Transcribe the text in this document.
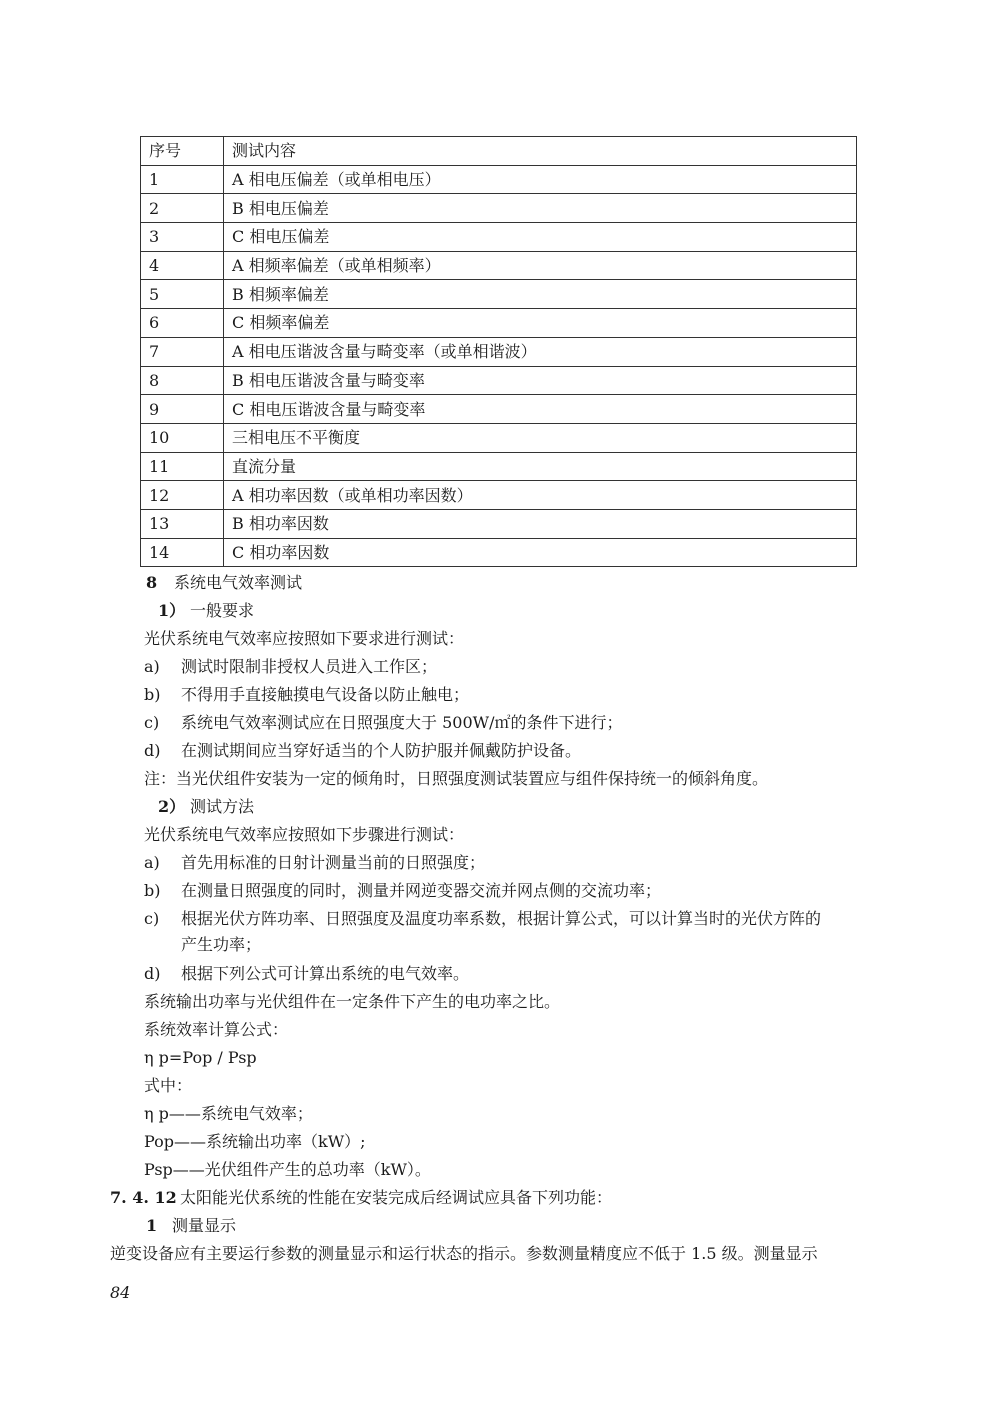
序号	测试内容
1	A 相电压偏差（或单相电压）
2	B 相电压偏差
3	C 相电压偏差
4	A 相频率偏差（或单相频率）
5	B 相频率偏差
6	C 相频率偏差
7	A 相电压谐波含量与畸变率（或单相谐波）
8	B 相电压谐波含量与畸变率
9	C 相电压谐波含量与畸变率
10	三相电压不平衡度
11	直流分量
12	A 相功率因数（或单相功率因数）
13	B 相功率因数
14	C 相功率因数
8 系统电气效率测试
1） 一般要求
光伏系统电气效率应按照如下要求进行测试：
a) 测试时限制非授权人员进入工作区；
b) 不得用手直接触摸电气设备以防止触电；
c) 系统电气效率测试应在日照强度大于 500W/㎡的条件下进行；
d) 在测试期间应当穿好适当的个人防护服并佩戴防护设备。
注：当光伏组件安装为一定的倾角时，日照强度测试装置应与组件保持统一的倾斜角度。
2） 测试方法
光伏系统电气效率应按照如下步骤进行测试：
a) 首先用标准的日射计测量当前的日照强度；
b) 在测量日照强度的同时，测量并网逆变器交流并网点侧的交流功率；
c) 根据光伏方阵功率、日照强度及温度功率系数，根据计算公式，可以计算当时的光伏方阵的
产生功率；
d) 根据下列公式可计算出系统的电气效率。
系统输出功率与光伏组件在一定条件下产生的电功率之比。
系统效率计算公式：
η p=Pop / Psp
式中：
η p——系统电气效率；
Pop——系统输出功率（kW）;
Psp——光伏组件产生的总功率（kW）。
7. 4. 12 太阳能光伏系统的性能在安装完成后经调试应具备下列功能：
1 测量显示
逆变设备应有主要运行参数的测量显示和运行状态的指示。参数测量精度应不低于 1.5 级。测量显示
84
